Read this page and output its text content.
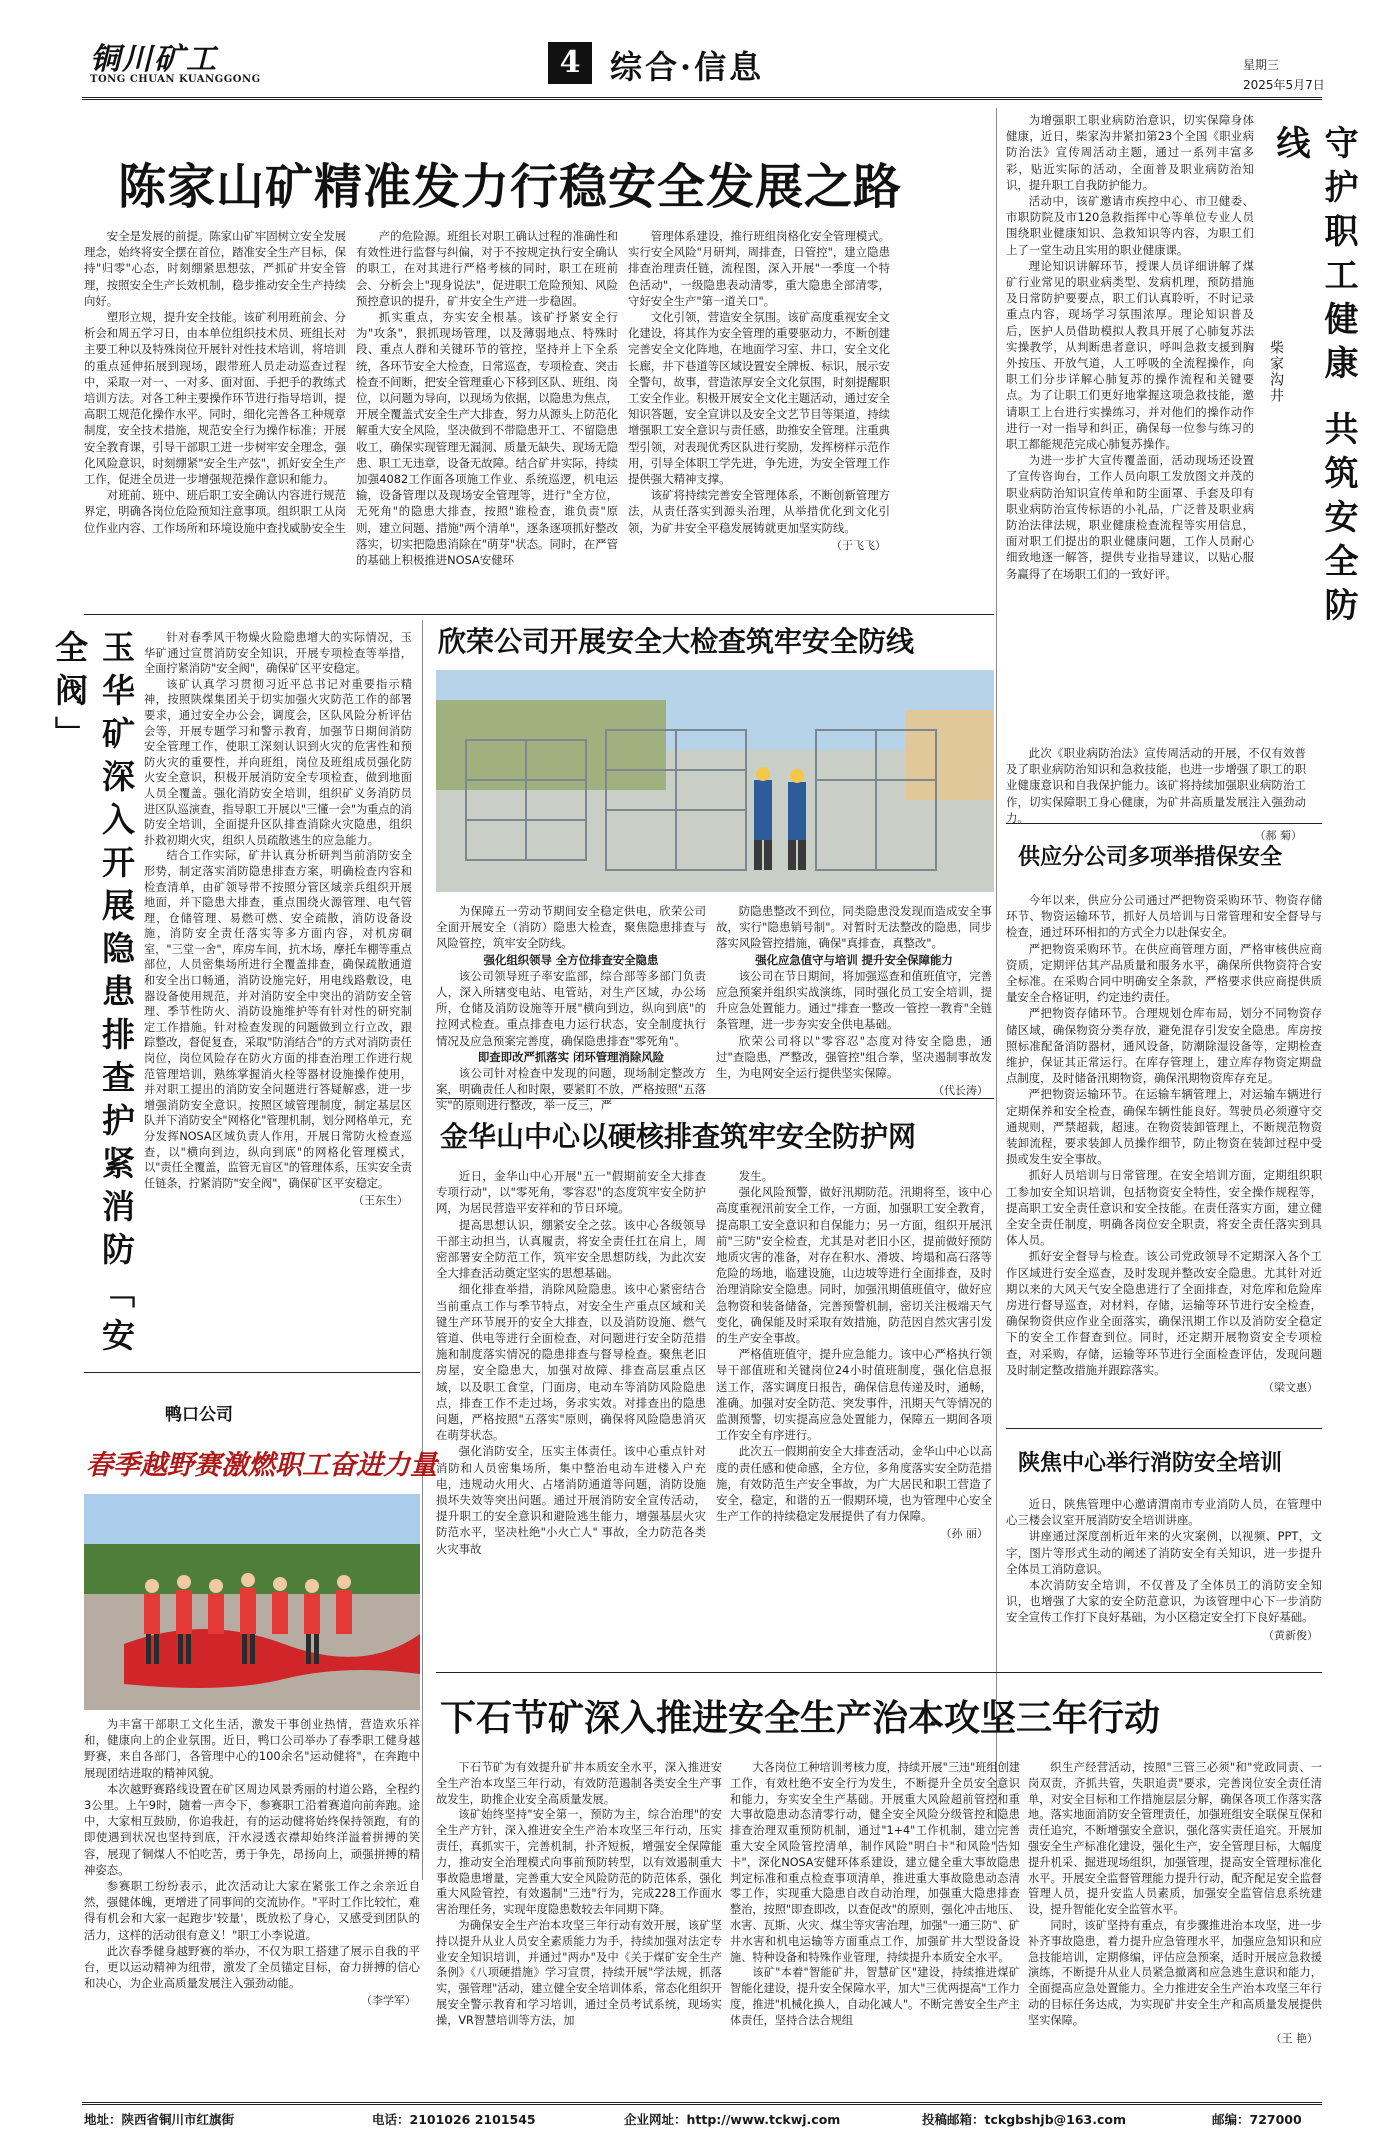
铜川矿工
TONG CHUAN KUANGGONG	4 综合·信息	星期三
2025年5月7日
陈家山矿精准发力行稳安全发展之路

安全是发展的前提。陈家山矿牢固树立安全发展理念，始终将安全摆在首位，踏准安全生产目标，保持"归零"心态，时刻绷紧思想弦，严抓矿井安全管理，按照安全生产长效机制，稳步推动安全生产持续向好。

塑形立规，提升安全技能。该矿利用班前会、分析会和周五学习日，由本单位组织技术员、班组长对主要工种以及特殊岗位开展针对性技术培训，将培训的重点延伸拓展到现场，跟带班人员走动巡查过程中，采取一对一、一对多、面对面、手把手的教练式培训方法。对各工种主要操作环节进行指导培训，提高职工规范化操作水平。同时，细化完善各工种规章制度，安全技术措施，规范安全行为操作标准；开展安全教育课，引导干部职工进一步树牢安全理念，强化风险意识，时刻绷紧"安全生产弦"，抓好安全生产工作，促进全员进一步增强规范操作意识和能力。

对班前、班中、班后职工安全确认内容进行规范界定，明确各岗位危险预知注意事项。组织职工从岗位作业内容、工作场所和环境设施中查找威胁安全生

产的危险源。班组长对职工确认过程的准确性和有效性进行监督与纠偏，对于不按规定执行安全确认的职工，在对其进行严格考核的同时，职工在班前会、分析会上"现身说法"，促进职工危险预知、风险预控意识的提升，矿井安全生产进一步稳固。

抓实重点，夯实安全根基。该矿抒紧安全行为"攻条"，狠抓现场管理，以及薄弱地点、特殊时段、重点人群和关键环节的管控，坚持并上下全系统，各环节安全大检查，日常巡查，专项检查、突击检查不间断，把安全管理重心下移到区队、班组、岗位，以问题为导向，以现场为依据，以隐患为焦点，开展全覆盖式安全生产大排查，努力从源头上防范化解重大安全风险，坚决做到不带隐患开工、不留隐患收工，确保实现管理无漏洞、质量无缺失、现场无隐患、职工无违章，设备无故障。结合矿井实际，持续加强4082工作面各项施工作业、系统巡逻，机电运输，设备管理以及现场安全管理等，进行"全方位，无死角"的隐患大排查，按照"谁检查，谁负责"原则，建立问题、措施"两个清单"，逐条逐项抓好整改落实，切实把隐患消除在"萌芽"状态。同时，在严管的基础上积极推进NOSA安健环

管理体系建设，推行班组岗格化安全管理模式。实行安全风险"月研判，周排查，日管控"，建立隐患排查治理责任链，流程图，深入开展"一季度一个特色活动"，一级隐患表动清零，重大隐患全部清零，守好安全生产"第一道关口"。

文化引领，营造安全氛围。该矿高度重视安全文化建设，将其作为安全管理的重要驱动力，不断创建完善安全文化阵地，在地面学习室、井口，安全文化长廊，井下巷道等区域设置安全牌板、标识，展示安全警句，故事，营造浓厚安全文化氛围，时刻提醒职工安全作业。积极开展安全文化主题活动，通过安全知识答题，安全宣讲以及安全文艺节目等渠道，持续增强职工安全意识与责任感，助推安全管理。注重典型引领，对表现优秀区队进行奖励，发挥榜样示范作用，引导全体职工学先进，争先进，为安全管理工作提供强大精神支撑。

该矿将持续完善安全管理体系，不断创新管理方法，从责任落实到源头治理，从举措优化到文化引领，为矿井安全平稳发展铸就更加坚实防线。

（于飞飞）

为增强职工职业病防治意识，切实保障身体健康，近日，柴家沟井紧扣第23个全国《职业病防治法》宣传周活动主题，通过一系列丰富多彩，贴近实际的活动，全面普及职业病防治知识，提升职工自我防护能力。

活动中，该矿邀请市疾控中心、市卫健委、市职防院及市120急救指挥中心等单位专业人员围绕职业健康知识、急救知识等内容，为职工们上了一堂生动且实用的职业健康课。

理论知识讲解环节，授课人员详细讲解了煤矿行业常见的职业病类型、发病机理，预防措施及日常防护要要点，职工们认真聆听，不时记录重点内容，现场学习氛围浓厚。理论知识普及后，医护人员借助模拟人教具开展了心肺复苏法实操教学，从判断患者意识，呼叫急救支援到胸外按压、开放气道，人工呼吸的全流程操作，向职工们分步详解心肺复苏的操作流程和关键要点。为了让职工们更好地掌握这项急救技能，邀请职工上台进行实操练习，并对他们的操作动作进行一对一指导和纠正，确保每一位参与练习的职工都能规范完成心肺复苏操作。

为进一步扩大宣传覆盖面，活动现场还设置了宣传咨询台，工作人员向职工发放图文并茂的职业病防治知识宣传单和防尘面罩、手套及印有职业病防治宣传标语的小礼品，广泛普及职业病防治法律法规，职业健康检查流程等实用信息，面对职工们提出的职业健康问题，工作人员耐心细致地逐一解答，提供专业指导建议，以贴心服务赢得了在场职工们的一致好评。	守护职工健康 共筑安全防线
柴家沟井

此次《职业病防治法》宣传周活动的开展，不仅有效普及了职业病防治知识和急救技能，也进一步增强了职工的职业健康意识和自我保护能力。该矿将持续加强职业病防治工作，切实保障职工身心健康，为矿井高质量发展注入强劲动力。

（郝 菊）
玉华矿深入开展隐患排查护紧消防「安全阀」	针对春季风干物燥火险隐患增大的实际情况，玉华矿通过宣贯消防安全知识，开展专项检查等举措，全面拧紧消防"安全阀"，确保矿区平安稳定。

该矿认真学习贯彻习近平总书记对重要指示精神，按照陕煤集团关于切实加强火灾防范工作的部署要求，通过安全办公会，调度会，区队风险分析评估会等，开展专题学习和警示教育，加强节日期间消防安全管理工作，使职工深刻认识到火灾的危害性和预防火灾的重要性，并向班组，岗位及班组成员强化防火安全意识，积极开展消防安全专项检查，做到地面人员全覆盖。强化消防安全培训，组织矿义务消防员进区队巡演查，指导职工开展以"三懂一会"为重点的消防安全培训，全面提升区队排查消除火灾隐患，组织扑救初期火灾，组织人员疏散逃生的应急能力。

结合工作实际，矿井认真分析研判当前消防安全形势，制定落实消防隐患排查方案，明确检查内容和检查清单，由矿领导带不按照分管区域亲兵组织开展地面，并下隐患大排查，重点围绕火源管理、电气管理，仓储管理、易燃可燃、安全疏散，消防设备设施，消防安全责任落实等多方面内容，对机房硐室，"三堂一舍"，库房车间，抗木场，摩托车棚等重点部位，人员密集场所进行全覆盖排查，确保疏散通道和安全出口畅通，消防设施完好，用电线路敷设，电器设备使用规范，并对消防安全中突出的消防安全管理、季节性防火、消防设施维护等有针对性的研究制定工作措施。针对检查发现的问题做到立行立改，跟踪整改，督促复查，采取"防消结合"的方式对消防责任岗位，岗位风险存在防火方面的排查治理工作进行规范管理培训，熟练掌握消火栓等器材设施操作使用，并对职工提出的消防安全问题进行答疑解惑，进一步增强消防安全意识。按照区域管理制度，制定基层区队并下消防安全"网格化"管理机制，划分网格单元，充分发挥NOSA区域负责人作用，开展日常防火检查巡查，以"横向到边，纵向到底"的网格化管理模式，以"责任全覆盖，监管无盲区"的管理体系，压实安全责任链条，拧紧消防"安全阀"，确保矿区平安稳定。

（王东生）
欣荣公司开展安全大检查筑牢安全防线

为保障五一劳动节期间安全稳定供电，欣荣公司全面开展安全（消防）隐患大检查，聚焦隐患排查与风险管控，筑牢安全防线。

强化组织领导 全方位排查安全隐患

该公司领导班子率安监部，综合部等多部门负责人，深入所辖变电站、电管站，对生产区域，办公场所，仓储及消防设施等开展"横向到边，纵向到底"的拉网式检查。重点排查电力运行状态，安全制度执行情况及应急预案完善度，确保隐患排查"零死角"。

即查即改严抓落实 闭环管理消除风险

该公司针对检查中发现的问题，现场制定整改方案，明确责任人和时限，要紧盯不放，严格按照"五落实"的原则进行整改，举一反三，严

防隐患整改不到位，同类隐患没发现而造成安全事故，实行"隐患销号制"。对暂时无法整改的隐患，同步落实风险管控措施，确保"真排查，真整改"。

强化应急值守与培训 提升安全保障能力

该公司在节日期间，将加强巡查和值班值守，完善应急预案并组织实战演练，同时强化员工安全培训，提升应急处置能力。通过"排查一整改一管控一教育"全链条管理，进一步夯实安全供电基础。

欣荣公司将以"零容忍"态度对待安全隐患，通过"查隐患，严整改，强管控"组合拳，坚决遏制事故发生，为电网安全运行提供坚实保障。

（代长涛）
金华山中心以硬核排查筑牢安全防护网

近日，金华山中心开展"五一"假期前安全大排查专项行动"，以"零死角，零容忍"的态度筑牢安全防护网，为居民营造平安祥和的节日环境。

提高思想认识，绷紧安全之弦。该中心各级领导干部主动担当，认真履责，将安全责任扛在肩上，周密部署安全防范工作，筑牢安全思想防线，为此次安全大排查活动奠定坚实的思想基础。

细化排查举措，消除风险隐患。该中心紧密结合当前重点工作与季节特点，对安全生产重点区域和关键生产环节展开的安全大排查，以及消防设施、燃气管道、供电等进行全面检查，对问题进行安全防范措施和制度落实情况的隐患排查与督导检查。聚焦老旧房屋，安全隐患大，加强对故障、排查高层重点区域，以及职工食堂，门面房，电动车等消防风险隐患点，排查工作不走过场，务求实效。对排查出的隐患问题，严格按照"五落实"原则，确保将风险隐患消灭在萌芽状态。

强化消防安全，压实主体责任。该中心重点针对消防和人员密集场所，集中整治电动车进楼入户充电，违规动火用火、占堵消防通道等问题，消防设施损坏失效等突出问题。通过开展消防安全宣传活动，提升职工的安全意识和避险逃生能力，增强基层火灾防范水平，坚决杜绝"小火亡人" 事故，全力防范各类火灾事故

发生。

强化风险预警，做好汛期防范。汛期将至，该中心高度重视汛前安全工作，一方面，加强职工安全教育，提高职工安全意识和自保能力；另一方面，组织开展汛前"三防"安全检查，尤其是对老旧小区，提前做好预防地质灾害的准备，对存在积水、滑坡、垮塌和高石落等危险的场地，临建设施，山边坡等进行全面排查，及时治理消除安全隐患。同时，加强汛期值班值守，做好应急物资和装备储备，完善预警机制，密切关注极端天气变化，确保能及时采取有效措施，防范因自然灾害引发的生产安全事故。

严格值班值守，提升应急能力。该中心严格执行领导干部值班和关键岗位24小时值班制度，强化信息报送工作，落实调度日报告，确保信息传递及时，通畅，准确。加强对安全防范、突发事件，汛期天气等情况的监测预警，切实提高应急处置能力，保障五一期间各项工作安全有序进行。

此次五一假期前安全大排查活动，金华山中心以高度的责任感和使命感，全方位，多角度落实安全防范措施，有效防范生产安全事故，为广大居民和职工营造了安全，稳定，和谐的五一假期环境，也为管理中心安全生产工作的持续稳定发展提供了有力保障。

（孙 丽）
供应分公司多项举措保安全

今年以来，供应分公司通过严把物资采购环节、物资存储环节、物资运输环节，抓好人员培训与日常管理和安全督导与检查，通过环环相扣的方式全力以赴保安全。

严把物资采购环节。在供应商管理方面，严格审核供应商资质，定期评估其产品质量和服务水平，确保所供物资符合安全标准。在采购合同中明确安全条款，严格要求供应商提供质量安全合格证明，约定违约责任。

严把物资存储环节。合理规划仓库布局，划分不同物资存储区域，确保物资分类存放，避免混存引发安全隐患。库房按照标准配备消防器材，通风设备，防潮除湿设备等，定期检查维护，保证其正常运行。在库存管理上，建立库存物资定期盘点制度，及时储备汛期物资，确保汛期物资库存充足。

严把物资运输环节。在运输车辆管理上，对运输车辆进行定期保养和安全检查，确保车辆性能良好。驾驶员必须遵守交通规则，严禁超载，超速。在物资装卸管理上，不断规范物资装卸流程，要求装卸人员操作细节，防止物资在装卸过程中受损或发生安全事故。

抓好人员培训与日常管理。在安全培训方面，定期组织职工参加安全知识培训，包括物资安全特性，安全操作规程等，提高职工安全责任意识和安全技能。在责任落实方面，建立健全安全责任制度，明确各岗位安全职责，将安全责任落实到具体人员。

抓好安全督导与检查。该公司党政领导不定期深入各个工作区域进行安全巡查，及时发现并整改安全隐患。尤其针对近期以来的大风天气安全隐患进行了全面排查，对危库和危险库房进行督导巡查，对材料，存储，运输等环节进行安全检查，确保物资供应作业全面落实，确保汛期工作以及消防安全稳定下的安全工作督查到位。同时，还定期开展物资安全专项检查，对采购，存储，运输等环节进行全面检查评估，发现问题及时制定整改措施并跟踪落实。

（梁文惠）
陕焦中心举行消防安全培训

近日，陕焦管理中心邀请渭南市专业消防人员，在管理中心三楼会议室开展消防安全培训讲座。

讲座通过深度剖析近年来的火灾案例，以视频、PPT，文字，图片等形式生动的阐述了消防安全有关知识，进一步提升全体员工消防意识。

本次消防安全培训，不仅普及了全体员工的消防安全知识，也增强了大家的安全防范意识，为该管理中心下一步消防安全宣传工作打下良好基础，为小区稳定安全打下良好基础。

（黄新俊）
鸭口公司
春季越野赛激燃职工奋进力量

为丰富干部职工文化生活，激发干事创业热情，营造欢乐祥和，健康向上的企业氛围。近日，鸭口公司举办了春季职工健身越野赛，来自各部门，各管理中心的100余名"运动健将"，在奔跑中展现团结进取的精神风貌。

本次越野赛路线设置在矿区周边风景秀丽的村道公路，全程约3公里。上午9时，随着一声令下，参赛职工沿着赛道向前奔跑。途中，大家相互鼓励，你追我赶，有的运动健将始终保持领跑，有的即使遇到状况也坚持到底，汗水浸透衣襟却始终洋溢着拼搏的笑容，展现了铜煤人不怕吃苦，勇于争先，昂扬向上，顽强拼搏的精神姿态。

参赛职工纷纷表示，此次活动让大家在紧张工作之余亲近自然，强健体魄，更增进了同事间的交流协作。"平时工作比较忙，难得有机会和大家一起跑步'较量'，既放松了身心，又感受到团队的活力，这样的活动很有意义！"职工小李说道。

此次春季健身越野赛的举办，不仅为职工搭建了展示自我的平台，更以运动精神为纽带，激发了全员锚定目标，奋力拼搏的信心和决心，为企业高质量发展注入强劲动能。

（李学军）
下石节矿深入推进安全生产治本攻坚三年行动

下石节矿为有效提升矿井本质安全水平，深入推进安全生产治本攻坚三年行动，有效防范遏制各类安全生产事故发生，助推企业安全高质量发展。

该矿始终坚持"安全第一，预防为主，综合治理"的安全生产方针，深入推进安全生产治本攻坚三年行动，压实责任，真抓实干，完善机制，扑齐短板，增强安全保障能力，推动安全治理模式向事前预防转型，以有效遏制重大事故隐患增量，完善重大安全风险防范的防范体系，强化重大风险管控，有效遏制"三违"行为，完成228工作面水害治理任务，实现年度隐患数较去年同期下降。

为确保安全生产治本攻坚三年行动有效开展，该矿坚持以提升从业人员安全素质能力为手，持续加强对法定专业安全知识培训，并通过"两办"及中《关于煤矿安全生产条例》《八项硬措施》学习宣贯，持续开展"学法规，抓落实，强管理"活动，建立健全安全培训体系，常态化组织开展安全警示教育和学习培训，通过全员考试系统，现场实操，VR智慧培训等方法，加

大各岗位工种培训考核力度，持续开展"三违"班组创建工作，有效杜绝不安全行为发生，不断提升全员安全意识和能力，夯实安全生产基础。开展重大风险超前管控和重大事故隐患动态清零行动，健全安全风险分级管控和隐患排查治理双重预防机制，通过"1+4"工作机制，建立完善重大安全风险管控清单，制作风险"明白卡"和风险"告知卡"，深化NOSA安健环体系建设，建立健全重大事故隐患判定标准和重点检查事项清单，推进重大事故隐患动态清零工作，实现重大隐患自改自动治理，加强重大隐患排查整治，按照"即查即改，以查促改"的原则，强化冲击地压、水害、瓦斯、火灾、煤尘等灾害治理，加强"一通三防"、矿井水害和机电运输等方面重点工作，加强矿井大型设备设施、特种设备和特殊作业管理，持续提升本质安全水平。

该矿"本着"智能矿井，智慧矿区"建设，持续推进煤矿智能化建设，提升安全保障水平，加大"三优两提高"工作力度，推进"机械化换人，自动化减人"。不断完善安全生产主体责任，坚持合法合规组

织生产经营活动，按照"三管三必须"和"党政同责、一岗双责，齐抓共管，失职追责"要求，完善岗位安全责任清单，对安全目标和工作措施层层分解，确保各项工作落实落地。落实地面消防安全管理责任，加强班组安全联保互保和责任追究，不断增强安全意识，强化落实责任追究。开展加强安全生产标准化建设，强化生产，安全管理目标，大幅度提升机采、掘进现场组织，加强管理，提高安全管理标准化水平。开展安全监督管理能力提升行动，配齐配足安全监督管理人员，提升安监人员素质，加强安全监管信息系统建设，提升智能化安全监管水平。

同时，该矿坚持有重点，有步骤推进治本攻坚，进一步补齐事故隐患，着力提升应急管理水平，加强应急知识和应急技能培训，定期修编，评估应急预案，适时开展应急救援演练，不断提升从业人员紧急撤离和应急逃生意识和能力，全面提高应急处置能力。全力推进安全生产治本攻坚三年行动的目标任务达成，为实现矿井安全生产和高质量发展提供坚实保障。

（王 艳）
地址：陕西省铜川市红旗街	电话：2101026 2101545	企业网址：http://www.tckwj.com	投稿邮箱：tckgbshjb@163.com	邮编：727000
